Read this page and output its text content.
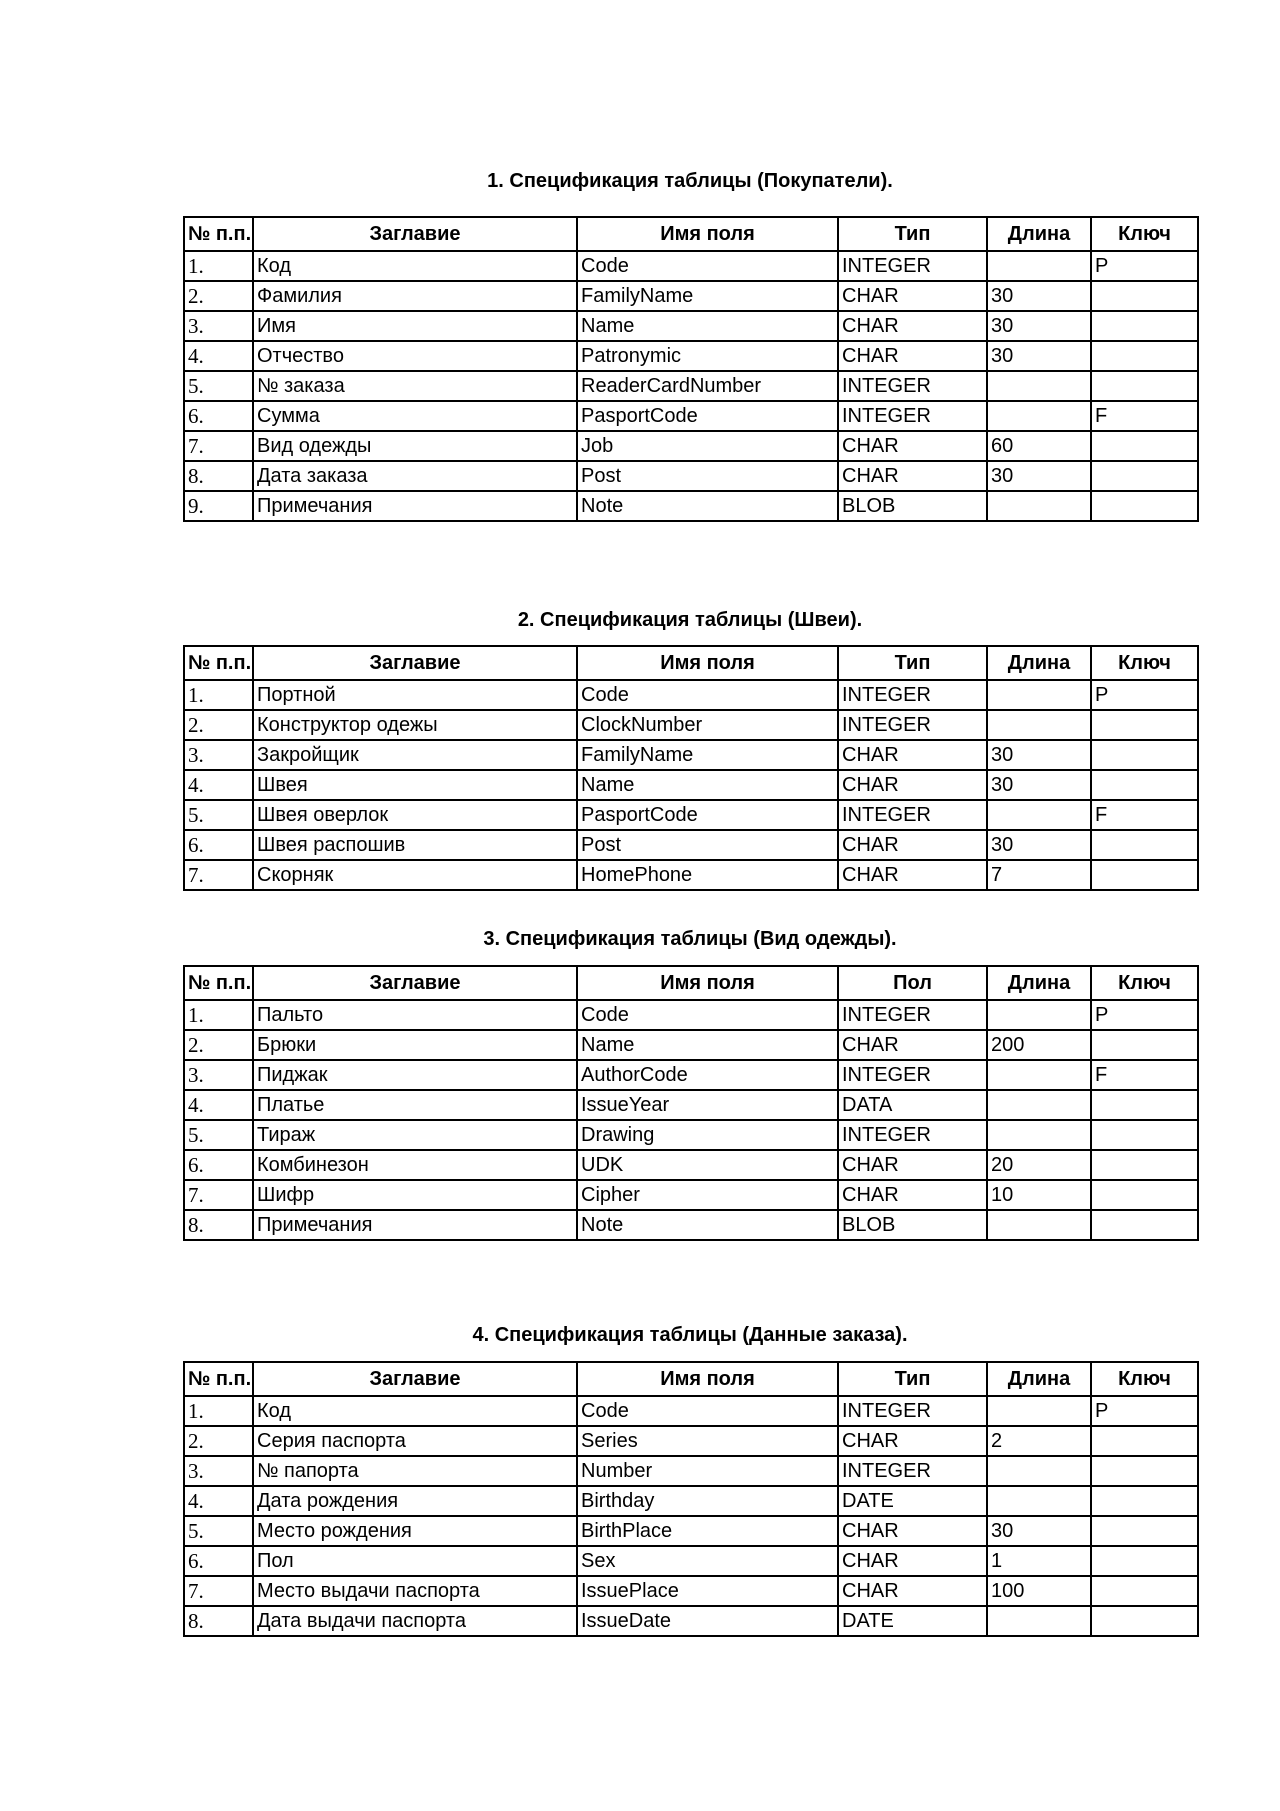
1. Спецификация таблицы (Покупатели).
№ п.п.	Заглавие	Имя поля	Тип	Длина	Ключ
1.	Код	Code	INTEGER		P
2.	Фамилия	FamilyName	CHAR	30	
3.	Имя	Name	CHAR	30	
4.	Отчество	Patronymic	CHAR	30	
5.	№ заказа	ReaderCardNumber	INTEGER		
6.	Сумма	PasportCode	INTEGER		F
7.	Вид одежды	Job	CHAR	60	
8.	Дата заказа	Post	CHAR	30	
9.	Примечания	Note	BLOB		
2. Спецификация таблицы (Швеи).
№ п.п.	Заглавие	Имя поля	Тип	Длина	Ключ
1.	Портной	Code	INTEGER		P
2.	Конструктор одежы	ClockNumber	INTEGER		
3.	Закройщик	FamilyName	CHAR	30	
4.	Швея	Name	CHAR	30	
5.	Швея оверлок	PasportCode	INTEGER		F
6.	Швея распошив	Post	CHAR	30	
7.	Скорняк	HomePhone	CHAR	7	
3. Спецификация таблицы (Вид одежды).
№ п.п.	Заглавие	Имя поля	Пол	Длина	Ключ
1.	Пальто	Code	INTEGER		P
2.	Брюки	Name	CHAR	200	
3.	Пиджак	AuthorCode	INTEGER		F
4.	Платье	IssueYear	DATA		
5.	Тираж	Drawing	INTEGER		
6.	Комбинезон	UDK	CHAR	20	
7.	Шифр	Cipher	CHAR	10	
8.	Примечания	Note	BLOB		
4. Спецификация таблицы (Данные заказа).
№ п.п.	Заглавие	Имя поля	Тип	Длина	Ключ
1.	Код	Code	INTEGER		P
2.	Серия паспорта	Series	CHAR	2	
3.	№ папорта	Number	INTEGER		
4.	Дата рождения	Birthday	DATE		
5.	Место рождения	BirthPlace	CHAR	30	
6.	Пол	Sex	CHAR	1	
7.	Место выдачи паспорта	IssuePlace	CHAR	100	
8.	Дата выдачи паспорта	IssueDate	DATE		
